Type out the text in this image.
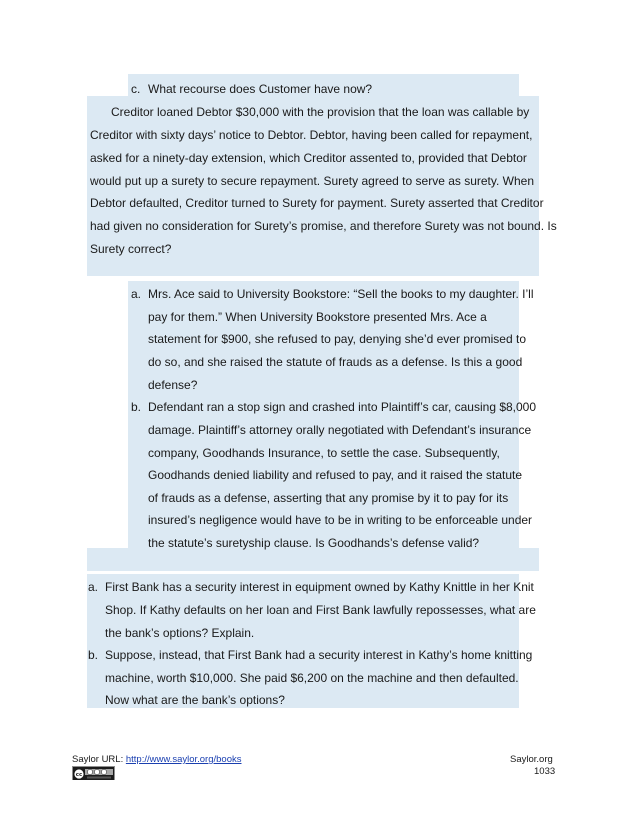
c. What recourse does Customer have now?
Creditor loaned Debtor $30,000 with the provision that the loan was callable by
Creditor with sixty days’ notice to Debtor. Debtor, having been called for repayment,
asked for a ninety-day extension, which Creditor assented to, provided that Debtor
would put up a surety to secure repayment. Surety agreed to serve as surety. When
Debtor defaulted, Creditor turned to Surety for payment. Surety asserted that Creditor
had given no consideration for Surety’s promise, and therefore Surety was not bound. Is
Surety correct?
a. Mrs. Ace said to University Bookstore: “Sell the books to my daughter. I’ll
pay for them.” When University Bookstore presented Mrs. Ace a
statement for $900, she refused to pay, denying she’d ever promised to
do so, and she raised the statute of frauds as a defense. Is this a good
defense?
b. Defendant ran a stop sign and crashed into Plaintiff’s car, causing $8,000
damage. Plaintiff’s attorney orally negotiated with Defendant’s insurance
company, Goodhands Insurance, to settle the case. Subsequently,
Goodhands denied liability and refused to pay, and it raised the statute
of frauds as a defense, asserting that any promise by it to pay for its
insured’s negligence would have to be in writing to be enforceable under
the statute’s suretyship clause. Is Goodhands’s defense valid?
a. First Bank has a security interest in equipment owned by Kathy Knittle in her Knit
Shop. If Kathy defaults on her loan and First Bank lawfully repossesses, what are
the bank’s options? Explain.
b. Suppose, instead, that First Bank had a security interest in Kathy’s home knitting
machine, worth $10,000. She paid $6,200 on the machine and then defaulted.
Now what are the bank’s options?
Saylor URL: http://www.saylor.org/books	Saylor.org
1033
cc
